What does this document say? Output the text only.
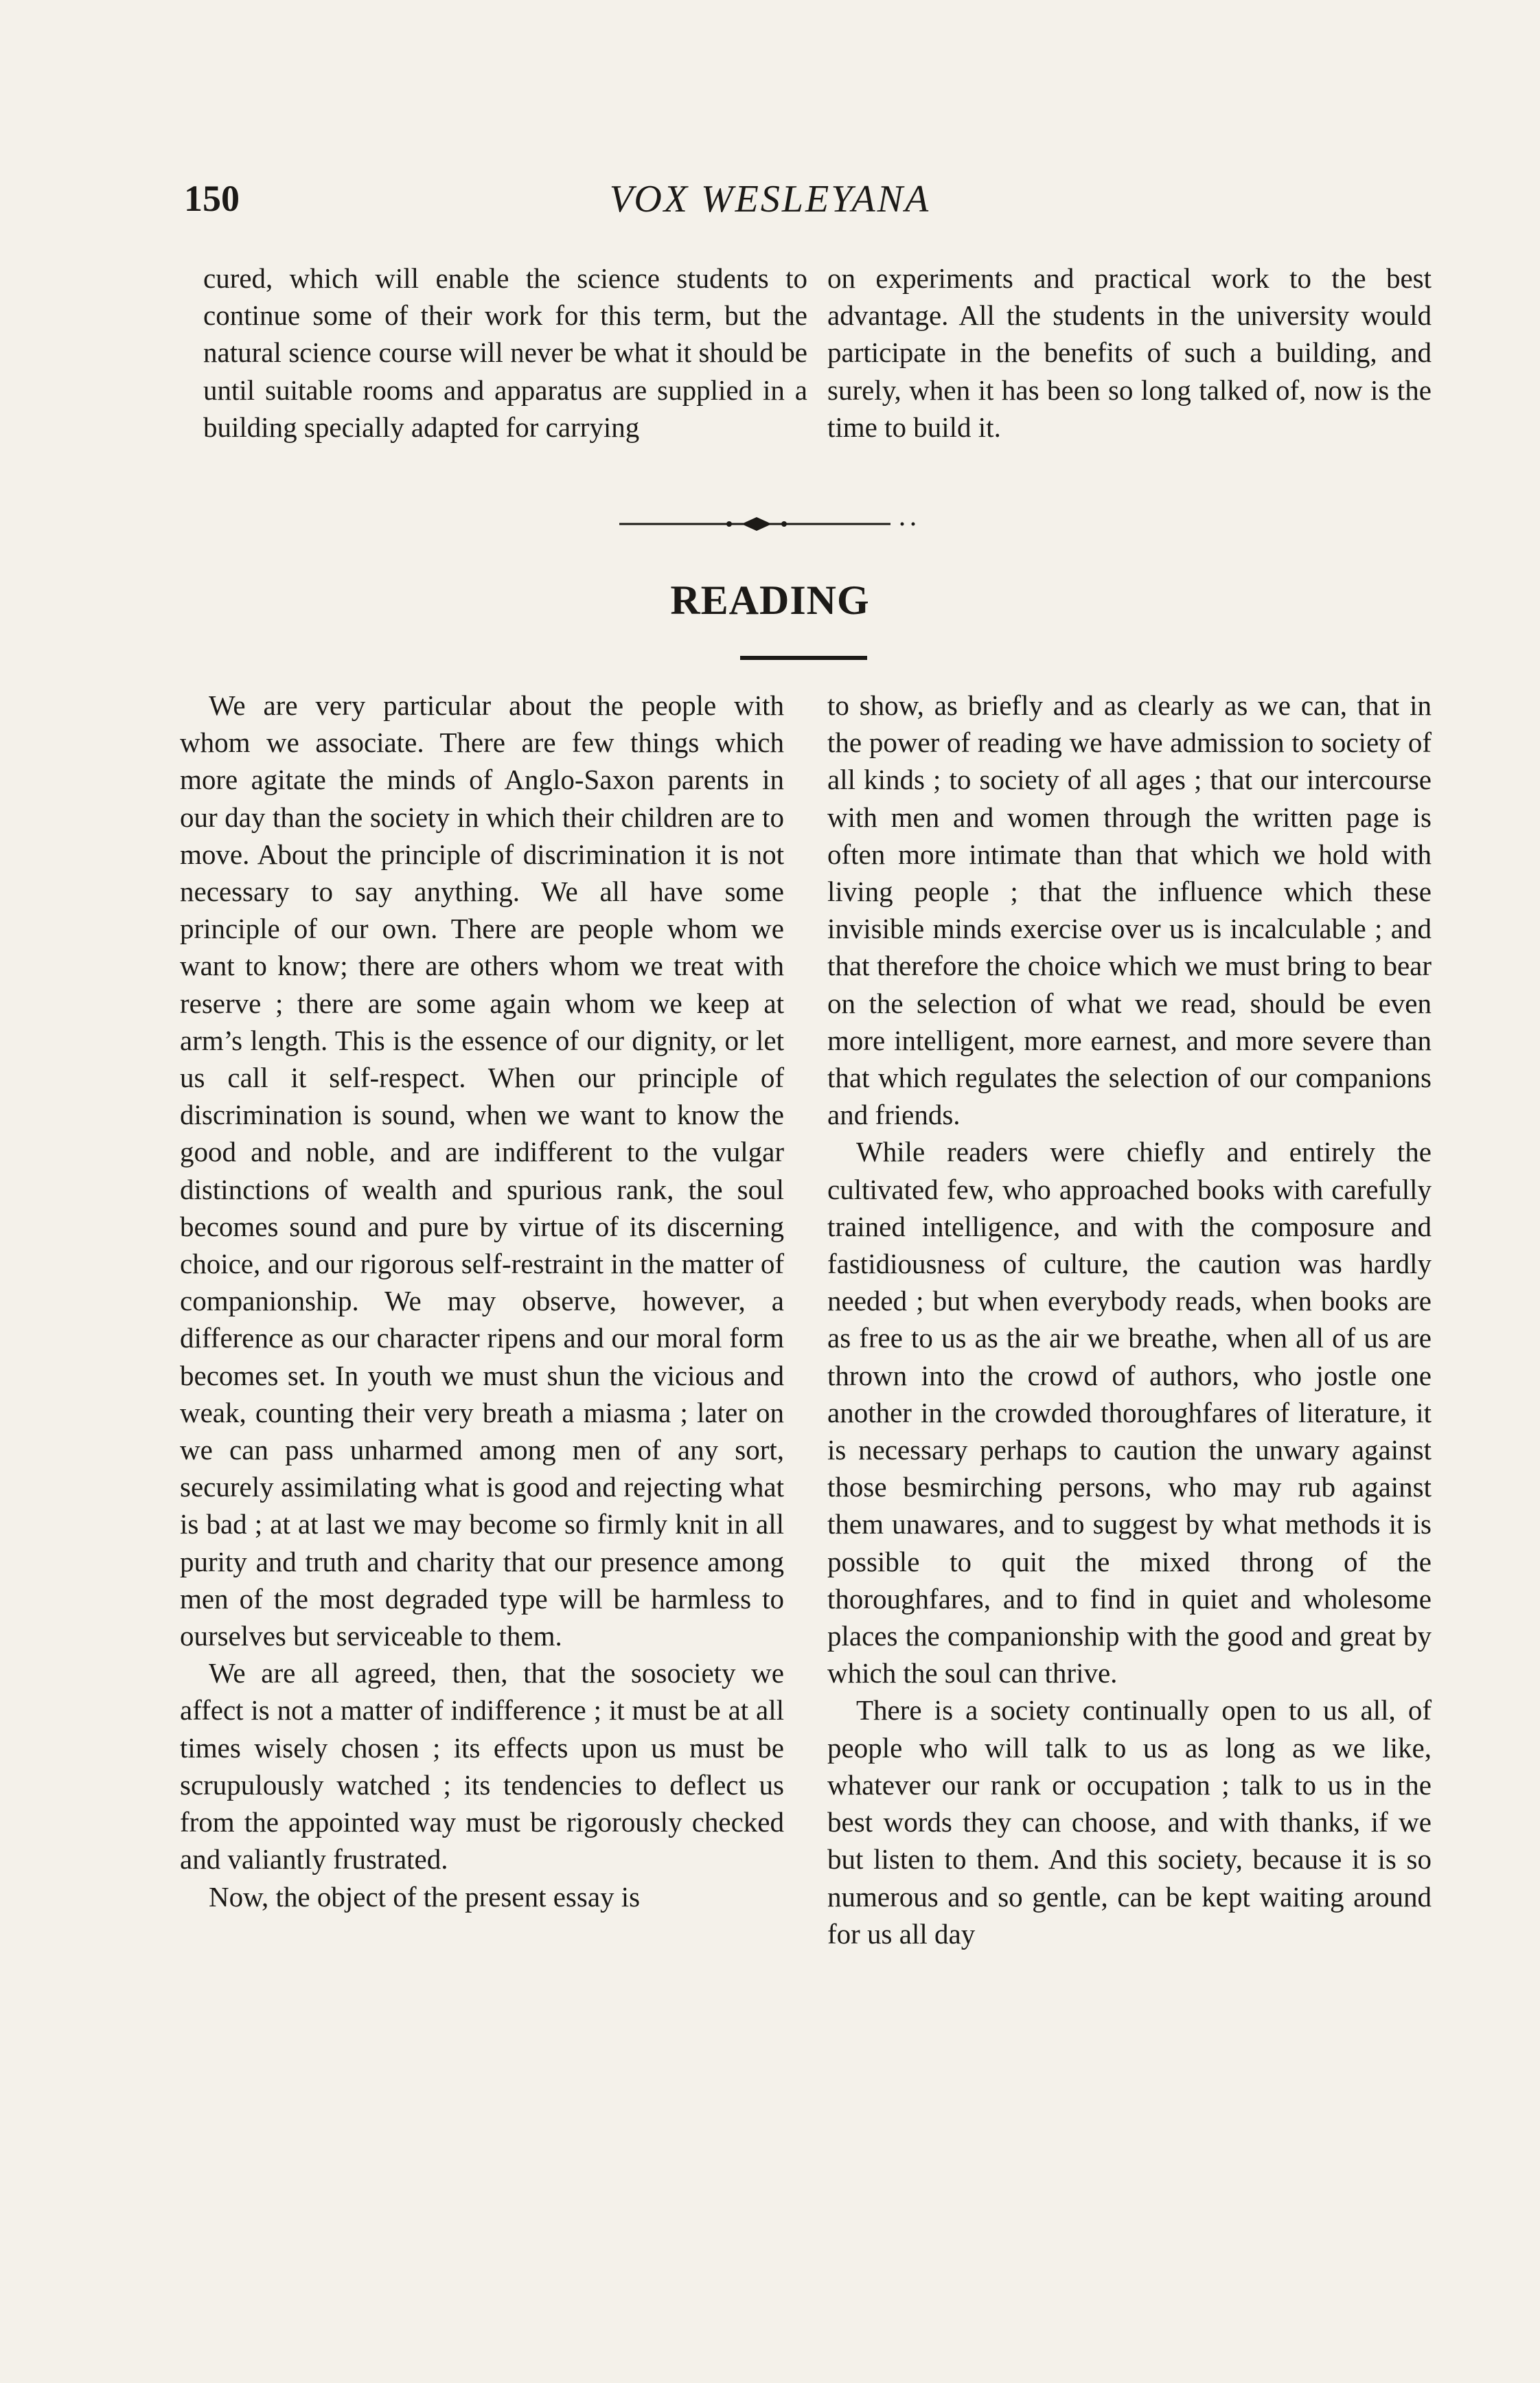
150	VOX WESLEYANA

cured, which will enable the science students to continue some of their work for this term, but the natural science course will never be what it should be until suitable rooms and apparatus are supplied in a building specially adapted for carrying

on experiments and practical work to the best advantage. All the students in the university would participate in the benefits of such a building, and surely, when it has been so long talked of, now is the time to build it.

READING

We are very particular about the people with whom we associate. There are few things which more agitate the minds of Anglo-Saxon parents in our day than the society in which their children are to move. About the principle of discrimination it is not necessary to say anything. We all have some principle of our own. There are people whom we want to know; there are others whom we treat with reserve ; there are some again whom we keep at arm’s length. This is the essence of our dignity, or let us call it self-respect. When our principle of discrimination is sound, when we want to know the good and noble, and are indifferent to the vulgar distinctions of wealth and spurious rank, the soul becomes sound and pure by virtue of its discerning choice, and our rigorous self-restraint in the matter of companionship. We may observe, however, a difference as our character ripens and our moral form becomes set. In youth we must shun the vicious and weak, counting their very breath a miasma ; later on we can pass unharmed among men of any sort, securely assimilating what is good and rejecting what is bad ; at at last we may become so firmly knit in all purity and truth and charity that our presence among men of the most degraded type will be harmless to ourselves but serviceable to them.

We are all agreed, then, that the sosociety we affect is not a matter of indifference ; it must be at all times wisely chosen ; its effects upon us must be scrupulously watched ; its tendencies to deflect us from the appointed way must be rigorously checked and valiantly frustrated.

Now, the object of the present essay is

to show, as briefly and as clearly as we can, that in the power of reading we have admission to society of all kinds ; to society of all ages ; that our intercourse with men and women through the written page is often more intimate than that which we hold with living people ; that the influence which these invisible minds exercise over us is incalculable ; and that therefore the choice which we must bring to bear on the selection of what we read, should be even more intelligent, more earnest, and more severe than that which regulates the selection of our companions and friends.

While readers were chiefly and entirely the cultivated few, who approached books with carefully trained intelligence, and with the composure and fastidiousness of culture, the caution was hardly needed ; but when everybody reads, when books are as free to us as the air we breathe, when all of us are thrown into the crowd of authors, who jostle one another in the crowded thoroughfares of literature, it is necessary perhaps to caution the unwary against those besmirching persons, who may rub against them unawares, and to suggest by what methods it is possible to quit the mixed throng of the thoroughfares, and to find in quiet and wholesome places the companionship with the good and great by which the soul can thrive.

There is a society continually open to us all, of people who will talk to us as long as we like, whatever our rank or occupation ; talk to us in the best words they can choose, and with thanks, if we but listen to them. And this society, because it is so numerous and so gentle, can be kept waiting around for us all day
